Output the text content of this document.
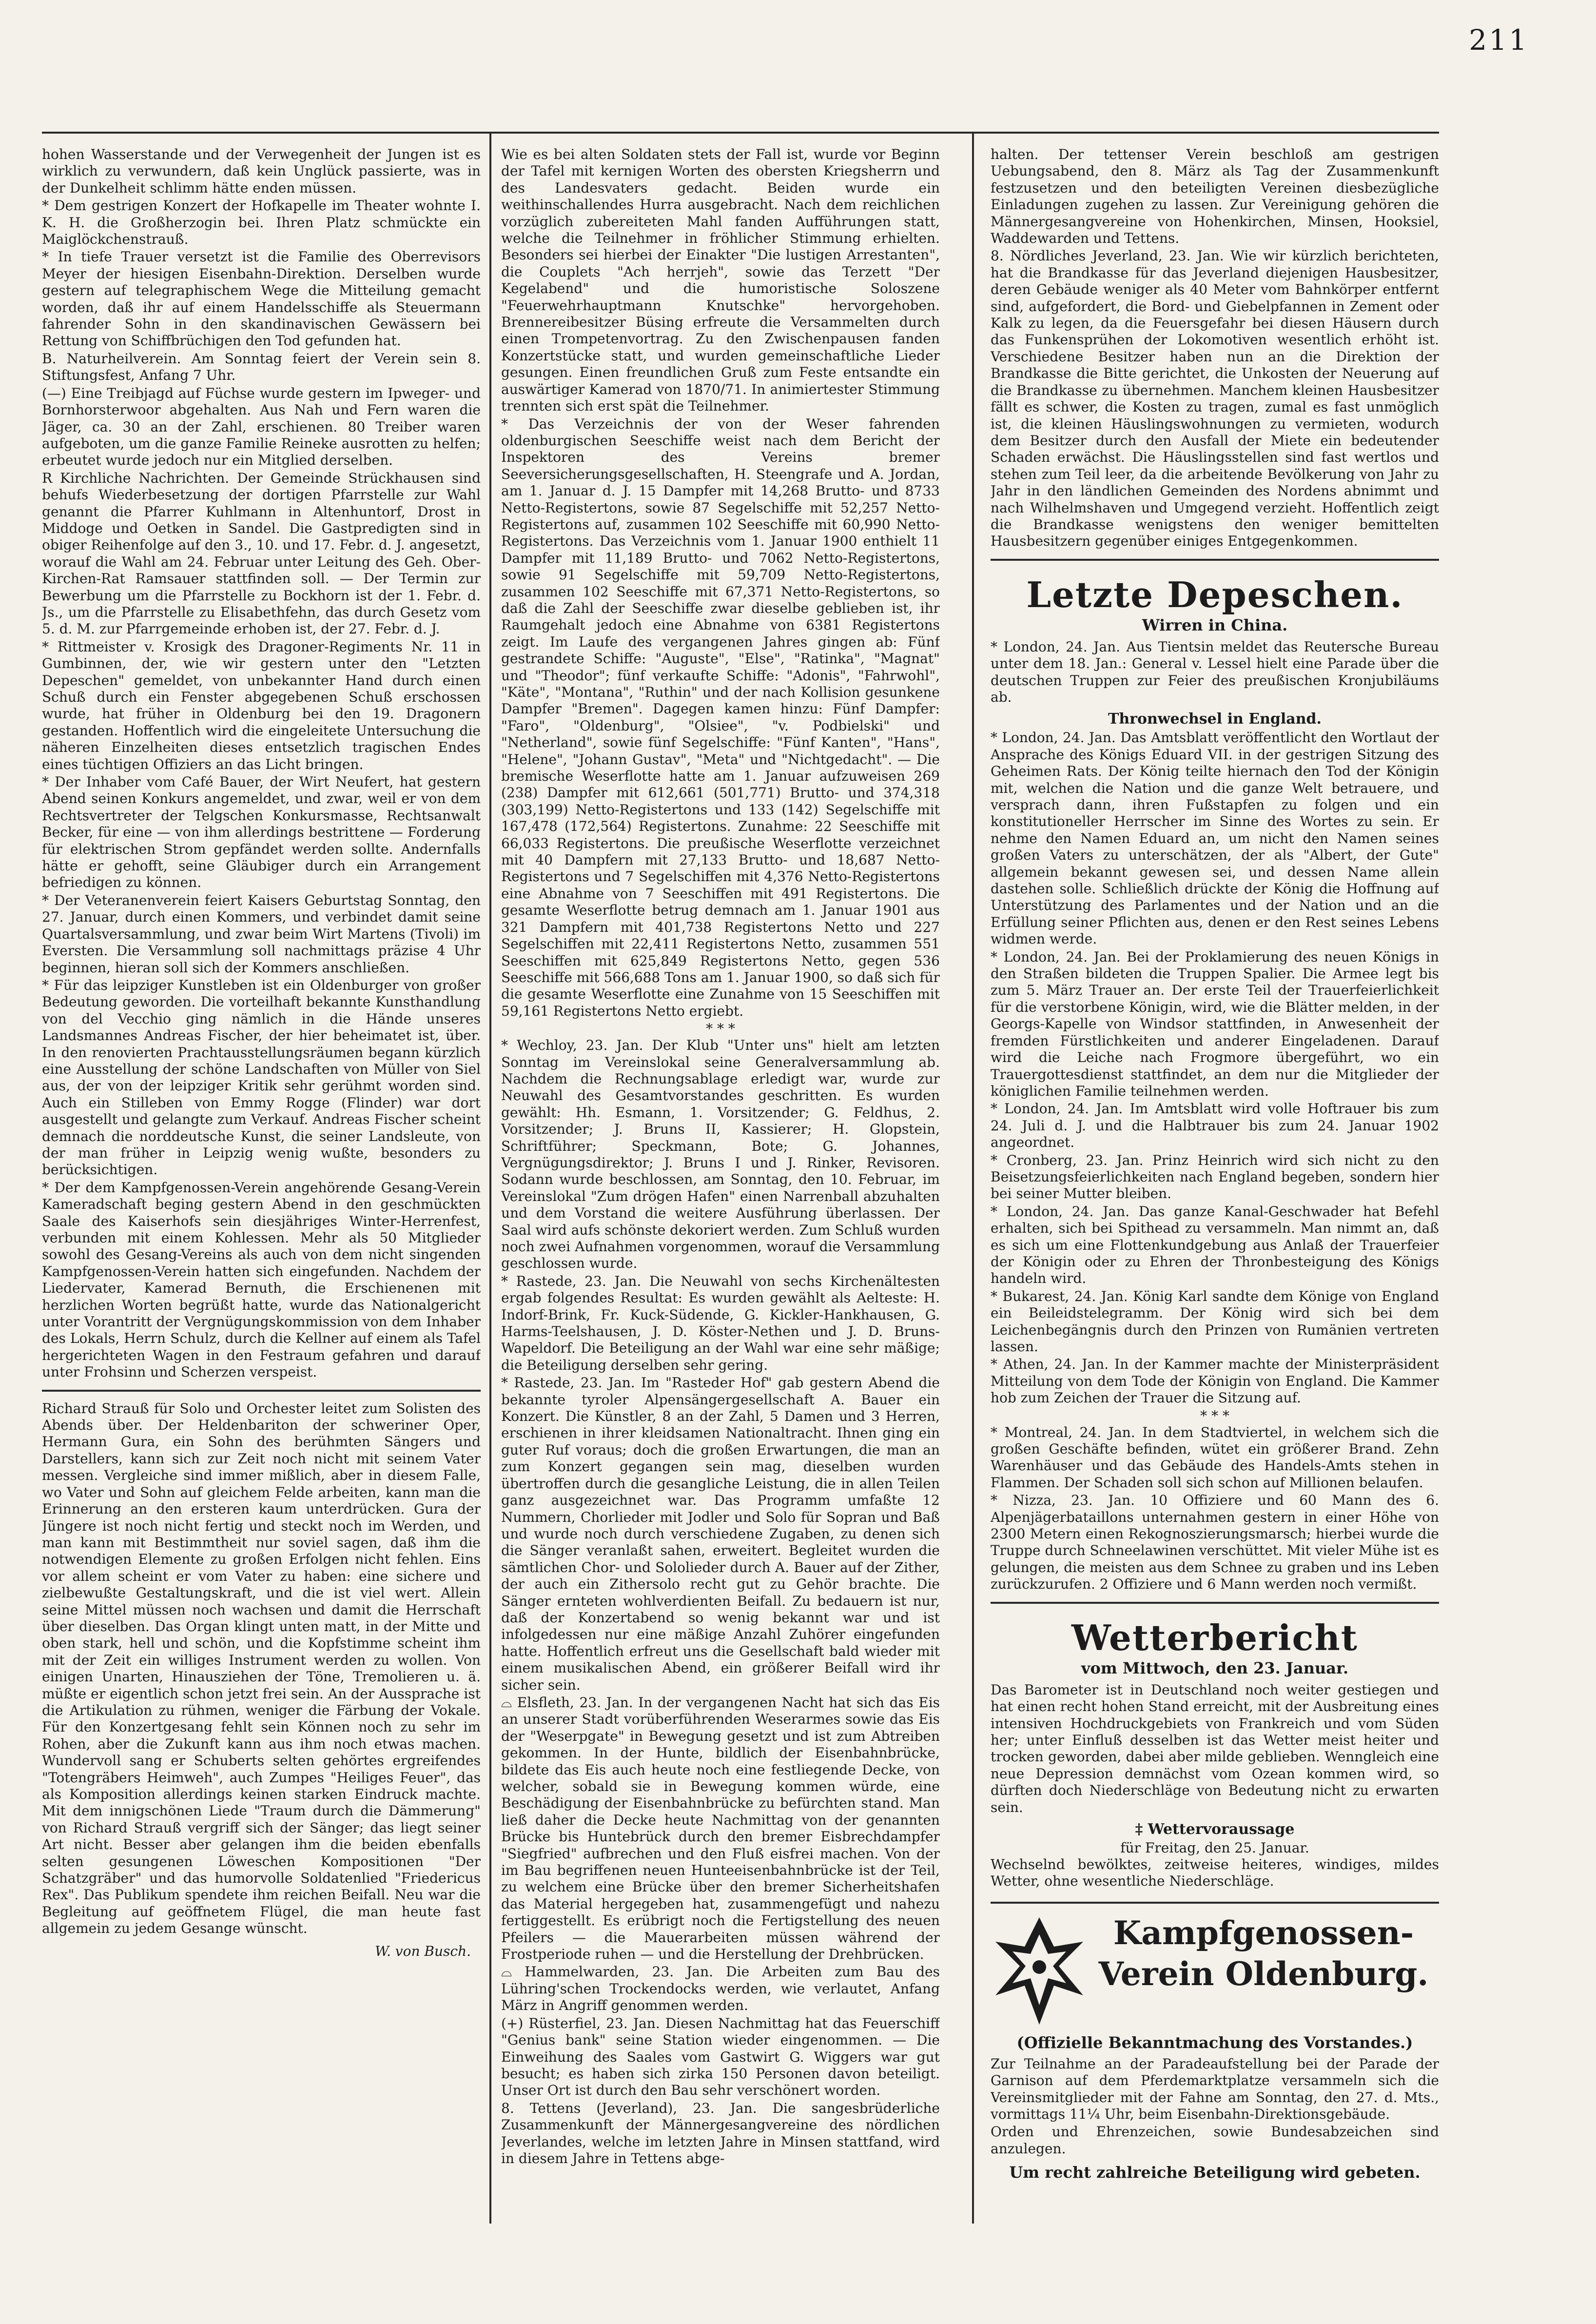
211

hohen Wasserstande und der Verwegenheit der Jungen ist es wirklich zu verwundern, daß kein Unglück passierte, was in der Dunkelheit schlimm hätte enden müssen.

* Dem gestrigen Konzert der Hofkapelle im Theater wohnte I. K. H. die Großherzogin bei. Ihren Platz schmückte ein Maiglöckchenstrauß.

* In tiefe Trauer versetzt ist die Familie des Oberrevisors Meyer der hiesigen Eisenbahn-Direktion. Derselben wurde gestern auf telegraphischem Wege die Mitteilung gemacht worden, daß ihr auf einem Handelsschiffe als Steuermann fahrender Sohn in den skandinavischen Gewässern bei Rettung von Schiffbrüchigen den Tod gefunden hat.

B. Naturheilverein. Am Sonntag feiert der Verein sein 8. Stiftungsfest, Anfang 7 Uhr.

(—) Eine Treibjagd auf Füchse wurde gestern im Ipweger- und Bornhorsterwoor abgehalten. Aus Nah und Fern waren die Jäger, ca. 30 an der Zahl, erschienen. 80 Treiber waren aufgeboten, um die ganze Familie Reineke ausrotten zu helfen; erbeutet wurde jedoch nur ein Mitglied derselben.

R Kirchliche Nachrichten. Der Gemeinde Strückhausen sind behufs Wiederbesetzung der dortigen Pfarrstelle zur Wahl genannt die Pfarrer Kuhlmann in Altenhuntorf, Drost in Middoge und Oetken in Sandel. Die Gastpredigten sind in obiger Reihenfolge auf den 3., 10. und 17. Febr. d. J. angesetzt, worauf die Wahl am 24. Februar unter Leitung des Geh. Ober-Kirchen-Rat Ramsauer stattfinden soll. — Der Termin zur Bewerbung um die Pfarrstelle zu Bockhorn ist der 1. Febr. d. Js., um die Pfarrstelle zu Elisabethfehn, das durch Gesetz vom 5. d. M. zur Pfarrgemeinde erhoben ist, der 27. Febr. d. J.

* Rittmeister v. Krosigk des Dragoner-Regiments Nr. 11 in Gumbinnen, der, wie wir gestern unter den "Letzten Depeschen" gemeldet, von unbekannter Hand durch einen Schuß durch ein Fenster abgegebenen Schuß erschossen wurde, hat früher in Oldenburg bei den 19. Dragonern gestanden. Hoffentlich wird die eingeleitete Untersuchung die näheren Einzelheiten dieses entsetzlich tragischen Endes eines tüchtigen Offiziers an das Licht bringen.

* Der Inhaber vom Café Bauer, der Wirt Neufert, hat gestern Abend seinen Konkurs angemeldet, und zwar, weil er von dem Rechtsvertreter der Telgschen Konkursmasse, Rechtsanwalt Becker, für eine — von ihm allerdings bestrittene — Forderung für elektrischen Strom gepfändet werden sollte. Andernfalls hätte er gehofft, seine Gläubiger durch ein Arrangement befriedigen zu können.

* Der Veteranenverein feiert Kaisers Geburtstag Sonntag, den 27. Januar, durch einen Kommers, und verbindet damit seine Quartalsversammlung, und zwar beim Wirt Martens (Tivoli) im Eversten. Die Versammlung soll nachmittags präzise 4 Uhr beginnen, hieran soll sich der Kommers anschließen.

* Für das leipziger Kunstleben ist ein Oldenburger von großer Bedeutung geworden. Die vorteilhaft bekannte Kunsthandlung von del Vecchio ging nämlich in die Hände unseres Landsmannes Andreas Fischer, der hier beheimatet ist, über. In den renovierten Prachtausstellungsräumen begann kürzlich eine Ausstellung der schöne Landschaften von Müller von Siel aus, der von der leipziger Kritik sehr gerühmt worden sind. Auch ein Stilleben von Emmy Rogge (Flinder) war dort ausgestellt und gelangte zum Verkauf. Andreas Fischer scheint demnach die norddeutsche Kunst, die seiner Landsleute, von der man früher in Leipzig wenig wußte, besonders zu berücksichtigen.

* Der dem Kampfgenossen-Verein angehörende Gesang-Verein Kameradschaft beging gestern Abend in den geschmückten Saale des Kaiserhofs sein diesjähriges Winter-Herrenfest, verbunden mit einem Kohlessen. Mehr als 50 Mitglieder sowohl des Gesang-Vereins als auch von dem nicht singenden Kampfgenossen-Verein hatten sich eingefunden. Nachdem der Liedervater, Kamerad Bernuth, die Erschienenen mit herzlichen Worten begrüßt hatte, wurde das Nationalgericht unter Vorantritt der Vergnügungskommission von dem Inhaber des Lokals, Herrn Schulz, durch die Kellner auf einem als Tafel hergerichteten Wagen in den Festraum gefahren und darauf unter Frohsinn und Scherzen verspeist.

Richard Strauß für Solo und Orchester leitet zum Solisten des Abends über. Der Heldenbariton der schweriner Oper, Hermann Gura, ein Sohn des berühmten Sängers und Darstellers, kann sich zur Zeit noch nicht mit seinem Vater messen. Vergleiche sind immer mißlich, aber in diesem Falle, wo Vater und Sohn auf gleichem Felde arbeiten, kann man die Erinnerung an den ersteren kaum unterdrücken. Gura der Jüngere ist noch nicht fertig und steckt noch im Werden, und man kann mit Bestimmtheit nur soviel sagen, daß ihm die notwendigen Elemente zu großen Erfolgen nicht fehlen. Eins vor allem scheint er vom Vater zu haben: eine sichere und zielbewußte Gestaltungskraft, und die ist viel wert. Allein seine Mittel müssen noch wachsen und damit die Herrschaft über dieselben. Das Organ klingt unten matt, in der Mitte und oben stark, hell und schön, und die Kopfstimme scheint ihm mit der Zeit ein williges Instrument werden zu wollen. Von einigen Unarten, Hinausziehen der Töne, Tremolieren u. ä. müßte er eigentlich schon jetzt frei sein. An der Aussprache ist die Artikulation zu rühmen, weniger die Färbung der Vokale. Für den Konzertgesang fehlt sein Können noch zu sehr im Rohen, aber die Zukunft kann aus ihm noch etwas machen. Wundervoll sang er Schuberts selten gehörtes ergreifendes "Totengräbers Heimweh", auch Zumpes "Heiliges Feuer", das als Komposition allerdings keinen starken Eindruck machte. Mit dem innigschönen Liede "Traum durch die Dämmerung" von Richard Strauß vergriff sich der Sänger; das liegt seiner Art nicht. Besser aber gelangen ihm die beiden ebenfalls selten gesungenen Löweschen Kompositionen "Der Schatzgräber" und das humorvolle Soldatenlied "Friedericus Rex". Das Publikum spendete ihm reichen Beifall. Neu war die Begleitung auf geöffnetem Flügel, die man heute fast allgemein zu jedem Gesange wünscht.

W. von Busch.

Wie es bei alten Soldaten stets der Fall ist, wurde vor Beginn der Tafel mit kernigen Worten des obersten Kriegsherrn und des Landesvaters gedacht. Beiden wurde ein weithinschallendes Hurra ausgebracht. Nach dem reichlichen vorzüglich zubereiteten Mahl fanden Aufführungen statt, welche die Teilnehmer in fröhlicher Stimmung erhielten. Besonders sei hierbei der Einakter "Die lustigen Arrestanten", die Couplets "Ach herrjeh", sowie das Terzett "Der Kegelabend" und die humoristische Soloszene "Feuerwehrhauptmann Knutschke" hervorgehoben. Brennereibesitzer Büsing erfreute die Versammelten durch einen Trompetenvortrag. Zu den Zwischenpausen fanden Konzertstücke statt, und wurden gemeinschaftliche Lieder gesungen. Einen freundlichen Gruß zum Feste entsandte ein auswärtiger Kamerad von 1870/71. In animiertester Stimmung trennten sich erst spät die Teilnehmer.

* Das Verzeichnis der von der Weser fahrenden oldenburgischen Seeschiffe weist nach dem Bericht der Inspektoren des Vereins bremer Seeversicherungsgesellschaften, H. Steengrafe und A. Jordan, am 1. Januar d. J. 15 Dampfer mit 14,268 Brutto- und 8733 Netto-Registertons, sowie 87 Segelschiffe mit 52,257 Netto-Registertons auf, zusammen 102 Seeschiffe mit 60,990 Netto-Registertons. Das Verzeichnis vom 1. Januar 1900 enthielt 11 Dampfer mit 11,189 Brutto- und 7062 Netto-Registertons, sowie 91 Segelschiffe mit 59,709 Netto-Registertons, zusammen 102 Seeschiffe mit 67,371 Netto-Registertons, so daß die Zahl der Seeschiffe zwar dieselbe geblieben ist, ihr Raumgehalt jedoch eine Abnahme von 6381 Registertons zeigt. Im Laufe des vergangenen Jahres gingen ab: Fünf gestrandete Schiffe: "Auguste", "Else", "Ratinka", "Magnat" und "Theodor"; fünf verkaufte Schiffe: "Adonis", "Fahrwohl", "Käte", "Montana", "Ruthin" und der nach Kollision gesunkene Dampfer "Bremen". Dagegen kamen hinzu: Fünf Dampfer: "Faro", "Oldenburg", "Olsiee", "v. Podbielski" und "Netherland", sowie fünf Segelschiffe: "Fünf Kanten", "Hans", "Helene", "Johann Gustav", "Meta" und "Nichtgedacht". — Die bremische Weserflotte hatte am 1. Januar aufzuweisen 269 (238) Dampfer mit 612,661 (501,771) Brutto- und 374,318 (303,199) Netto-Registertons und 133 (142) Segelschiffe mit 167,478 (172,564) Registertons. Zunahme: 22 Seeschiffe mit 66,033 Registertons. Die preußische Weserflotte verzeichnet mit 40 Dampfern mit 27,133 Brutto- und 18,687 Netto-Registertons und 7 Segelschiffen mit 4,376 Netto-Registertons eine Abnahme von 7 Seeschiffen mit 491 Registertons. Die gesamte Weserflotte betrug demnach am 1. Januar 1901 aus 321 Dampfern mit 401,738 Registertons Netto und 227 Segelschiffen mit 22,411 Registertons Netto, zusammen 551 Seeschiffen mit 625,849 Registertons Netto, gegen 536 Seeschiffe mit 566,688 Tons am 1. Januar 1900, so daß sich für die gesamte Weserflotte eine Zunahme von 15 Seeschiffen mit 59,161 Registertons Netto ergiebt.

* * *

* Wechloy, 23. Jan. Der Klub "Unter uns" hielt am letzten Sonntag im Vereinslokal seine Generalversammlung ab. Nachdem die Rechnungsablage erledigt war, wurde zur Neuwahl des Gesamtvorstandes geschritten. Es wurden gewählt: Hh. Esmann, 1. Vorsitzender; G. Feldhus, 2. Vorsitzender; J. Bruns II, Kassierer; H. Glopstein, Schriftführer; Speckmann, Bote; G. Johannes, Vergnügungsdirektor; J. Bruns I und J. Rinker, Revisoren. Sodann wurde beschlossen, am Sonntag, den 10. Februar, im Vereinslokal "Zum drögen Hafen" einen Narrenball abzuhalten und dem Vorstand die weitere Ausführung überlassen. Der Saal wird aufs schönste dekoriert werden. Zum Schluß wurden noch zwei Aufnahmen vorgenommen, worauf die Versammlung geschlossen wurde.

* Rastede, 23. Jan. Die Neuwahl von sechs Kirchenältesten ergab folgendes Resultat: Es wurden gewählt als Aelteste: H. Indorf-Brink, Fr. Kuck-Südende, G. Kickler-Hankhausen, G. Harms-Teelshausen, J. D. Köster-Nethen und J. D. Bruns-Wapeldorf. Die Beteiligung an der Wahl war eine sehr mäßige; die Beteiligung derselben sehr gering.

* Rastede, 23. Jan. Im "Rasteder Hof" gab gestern Abend die bekannte tyroler Alpensängergesellschaft A. Bauer ein Konzert. Die Künstler, 8 an der Zahl, 5 Damen und 3 Herren, erschienen in ihrer kleidsamen Nationaltracht. Ihnen ging ein guter Ruf voraus; doch die großen Erwartungen, die man an zum Konzert gegangen sein mag, dieselben wurden übertroffen durch die gesangliche Leistung, die in allen Teilen ganz ausgezeichnet war. Das Programm umfaßte 12 Nummern, Chorlieder mit Jodler und Solo für Sopran und Baß und wurde noch durch verschiedene Zugaben, zu denen sich die Sänger veranlaßt sahen, erweitert. Begleitet wurden die sämtlichen Chor- und Sololieder durch A. Bauer auf der Zither, der auch ein Zithersolo recht gut zu Gehör brachte. Die Sänger ernteten wohlverdienten Beifall. Zu bedauern ist nur, daß der Konzertabend so wenig bekannt war und ist infolgedessen nur eine mäßige Anzahl Zuhörer eingefunden hatte. Hoffentlich erfreut uns die Gesellschaft bald wieder mit einem musikalischen Abend, ein größerer Beifall wird ihr sicher sein.

⌓ Elsfleth, 23. Jan. In der vergangenen Nacht hat sich das Eis an unserer Stadt vorüberführenden Weserarmes sowie das Eis der "Weserpgate" in Bewegung gesetzt und ist zum Abtreiben gekommen. In der Hunte, bildlich der Eisenbahnbrücke, bildete das Eis auch heute noch eine festliegende Decke, von welcher, sobald sie in Bewegung kommen würde, eine Beschädigung der Eisenbahnbrücke zu befürchten stand. Man ließ daher die Decke heute Nachmittag von der genannten Brücke bis Huntebrück durch den bremer Eisbrechdampfer "Siegfried" aufbrechen und den Fluß eisfrei machen. Von der im Bau begriffenen neuen Hunteeisenbahnbrücke ist der Teil, zu welchem eine Brücke über den bremer Sicherheitshafen das Material hergegeben hat, zusammengefügt und nahezu fertiggestellt. Es erübrigt noch die Fertigstellung des neuen Pfeilers — die Mauerarbeiten müssen während der Frostperiode ruhen — und die Herstellung der Drehbrücken.

⌓ Hammelwarden, 23. Jan. Die Arbeiten zum Bau des Lühring'schen Trockendocks werden, wie verlautet, Anfang März in Angriff genommen werden.

(+) Rüsterfiel, 23. Jan. Diesen Nachmittag hat das Feuerschiff "Genius bank" seine Station wieder eingenommen. — Die Einweihung des Saales vom Gastwirt G. Wiggers war gut besucht; es haben sich zirka 150 Personen davon beteiligt. Unser Ort ist durch den Bau sehr verschönert worden.

8. Tettens (Jeverland), 23. Jan. Die sangesbrüderliche Zusammenkunft der Männergesangvereine des nördlichen Jeverlandes, welche im letzten Jahre in Minsen stattfand, wird in diesem Jahre in Tettens abge-

halten. Der tettenser Verein beschloß am gestrigen Uebungsabend, den 8. März als Tag der Zusammenkunft festzusetzen und den beteiligten Vereinen diesbezügliche Einladungen zugehen zu lassen. Zur Vereinigung gehören die Männergesangvereine von Hohenkirchen, Minsen, Hooksiel, Waddewarden und Tettens.

8. Nördliches Jeverland, 23. Jan. Wie wir kürzlich berichteten, hat die Brandkasse für das Jeverland diejenigen Hausbesitzer, deren Gebäude weniger als 40 Meter vom Bahnkörper entfernt sind, aufgefordert, die Bord- und Giebelpfannen in Zement oder Kalk zu legen, da die Feuersgefahr bei diesen Häusern durch das Funkensprühen der Lokomotiven wesentlich erhöht ist. Verschiedene Besitzer haben nun an die Direktion der Brandkasse die Bitte gerichtet, die Unkosten der Neuerung auf die Brandkasse zu übernehmen. Manchem kleinen Hausbesitzer fällt es schwer, die Kosten zu tragen, zumal es fast unmöglich ist, die kleinen Häuslingswohnungen zu vermieten, wodurch dem Besitzer durch den Ausfall der Miete ein bedeutender Schaden erwächst. Die Häuslingsstellen sind fast wertlos und stehen zum Teil leer, da die arbeitende Bevölkerung von Jahr zu Jahr in den ländlichen Gemeinden des Nordens abnimmt und nach Wilhelmshaven und Umgegend verzieht. Hoffentlich zeigt die Brandkasse wenigstens den weniger bemittelten Hausbesitzern gegenüber einiges Entgegenkommen.

Letzte Depeschen.
Wirren in China.

* London, 24. Jan. Aus Tientsin meldet das Reutersche Bureau unter dem 18. Jan.: General v. Lessel hielt eine Parade über die deutschen Truppen zur Feier des preußischen Kronjubiläums ab.

Thronwechsel in England.

* London, 24. Jan. Das Amtsblatt veröffentlicht den Wortlaut der Ansprache des Königs Eduard VII. in der gestrigen Sitzung des Geheimen Rats. Der König teilte hiernach den Tod der Königin mit, welchen die Nation und die ganze Welt betrauere, und versprach dann, ihren Fußstapfen zu folgen und ein konstitutioneller Herrscher im Sinne des Wortes zu sein. Er nehme den Namen Eduard an, um nicht den Namen seines großen Vaters zu unterschätzen, der als "Albert, der Gute" allgemein bekannt gewesen sei, und dessen Name allein dastehen solle. Schließlich drückte der König die Hoffnung auf Unterstützung des Parlamentes und der Nation und an die Erfüllung seiner Pflichten aus, denen er den Rest seines Lebens widmen werde.

* London, 24. Jan. Bei der Proklamierung des neuen Königs in den Straßen bildeten die Truppen Spalier. Die Armee legt bis zum 5. März Trauer an. Der erste Teil der Trauerfeierlichkeit für die verstorbene Königin, wird, wie die Blätter melden, in der Georgs-Kapelle von Windsor stattfinden, in Anwesenheit der fremden Fürstlichkeiten und anderer Eingeladenen. Darauf wird die Leiche nach Frogmore übergeführt, wo ein Trauergottesdienst stattfindet, an dem nur die Mitglieder der königlichen Familie teilnehmen werden.

* London, 24. Jan. Im Amtsblatt wird volle Hoftrauer bis zum 24. Juli d. J. und die Halbtrauer bis zum 24. Januar 1902 angeordnet.

* Cronberg, 23. Jan. Prinz Heinrich wird sich nicht zu den Beisetzungsfeierlichkeiten nach England begeben, sondern hier bei seiner Mutter bleiben.

* London, 24. Jan. Das ganze Kanal-Geschwader hat Befehl erhalten, sich bei Spithead zu versammeln. Man nimmt an, daß es sich um eine Flottenkundgebung aus Anlaß der Trauerfeier der Königin oder zu Ehren der Thronbesteigung des Königs handeln wird.

* Bukarest, 24. Jan. König Karl sandte dem Könige von England ein Beileidstelegramm. Der König wird sich bei dem Leichenbegängnis durch den Prinzen von Rumänien vertreten lassen.

* Athen, 24. Jan. In der Kammer machte der Ministerpräsident Mitteilung von dem Tode der Königin von England. Die Kammer hob zum Zeichen der Trauer die Sitzung auf.

* * *

* Montreal, 24. Jan. In dem Stadtviertel, in welchem sich die großen Geschäfte befinden, wütet ein größerer Brand. Zehn Warenhäuser und das Gebäude des Handels-Amts stehen in Flammen. Der Schaden soll sich schon auf Millionen belaufen.

* Nizza, 23. Jan. 10 Offiziere und 60 Mann des 6. Alpenjägerbataillons unternahmen gestern in einer Höhe von 2300 Metern einen Rekognoszierungsmarsch; hierbei wurde die Truppe durch Schneelawinen verschüttet. Mit vieler Mühe ist es gelungen, die meisten aus dem Schnee zu graben und ins Leben zurückzurufen. 2 Offiziere und 6 Mann werden noch vermißt.

Wetterbericht
vom Mittwoch, den 23. Januar.

Das Barometer ist in Deutschland noch weiter gestiegen und hat einen recht hohen Stand erreicht, mit der Ausbreitung eines intensiven Hochdruckgebiets von Frankreich und vom Süden her; unter Einfluß desselben ist das Wetter meist heiter und trocken geworden, dabei aber milde geblieben. Wenngleich eine neue Depression demnächst vom Ozean kommen wird, so dürften doch Niederschläge von Bedeutung nicht zu erwarten sein.

‡ Wettervoraussage
für Freitag, den 25. Januar.

Wechselnd bewölktes, zeitweise heiteres, windiges, mildes Wetter, ohne wesentliche Niederschläge.

Kampfgenossen-Verein Oldenburg.
(Offizielle Bekanntmachung des Vorstandes.)

Zur Teilnahme an der Paradeaufstellung bei der Parade der Garnison auf dem Pferdemarktplatze versammeln sich die Vereinsmitglieder mit der Fahne am Sonntag, den 27. d. Mts., vormittags 11¼ Uhr, beim Eisenbahn-Direktionsgebäude.

Orden und Ehrenzeichen, sowie Bundesabzeichen sind anzulegen.

Um recht zahlreiche Beteiligung wird gebeten.
